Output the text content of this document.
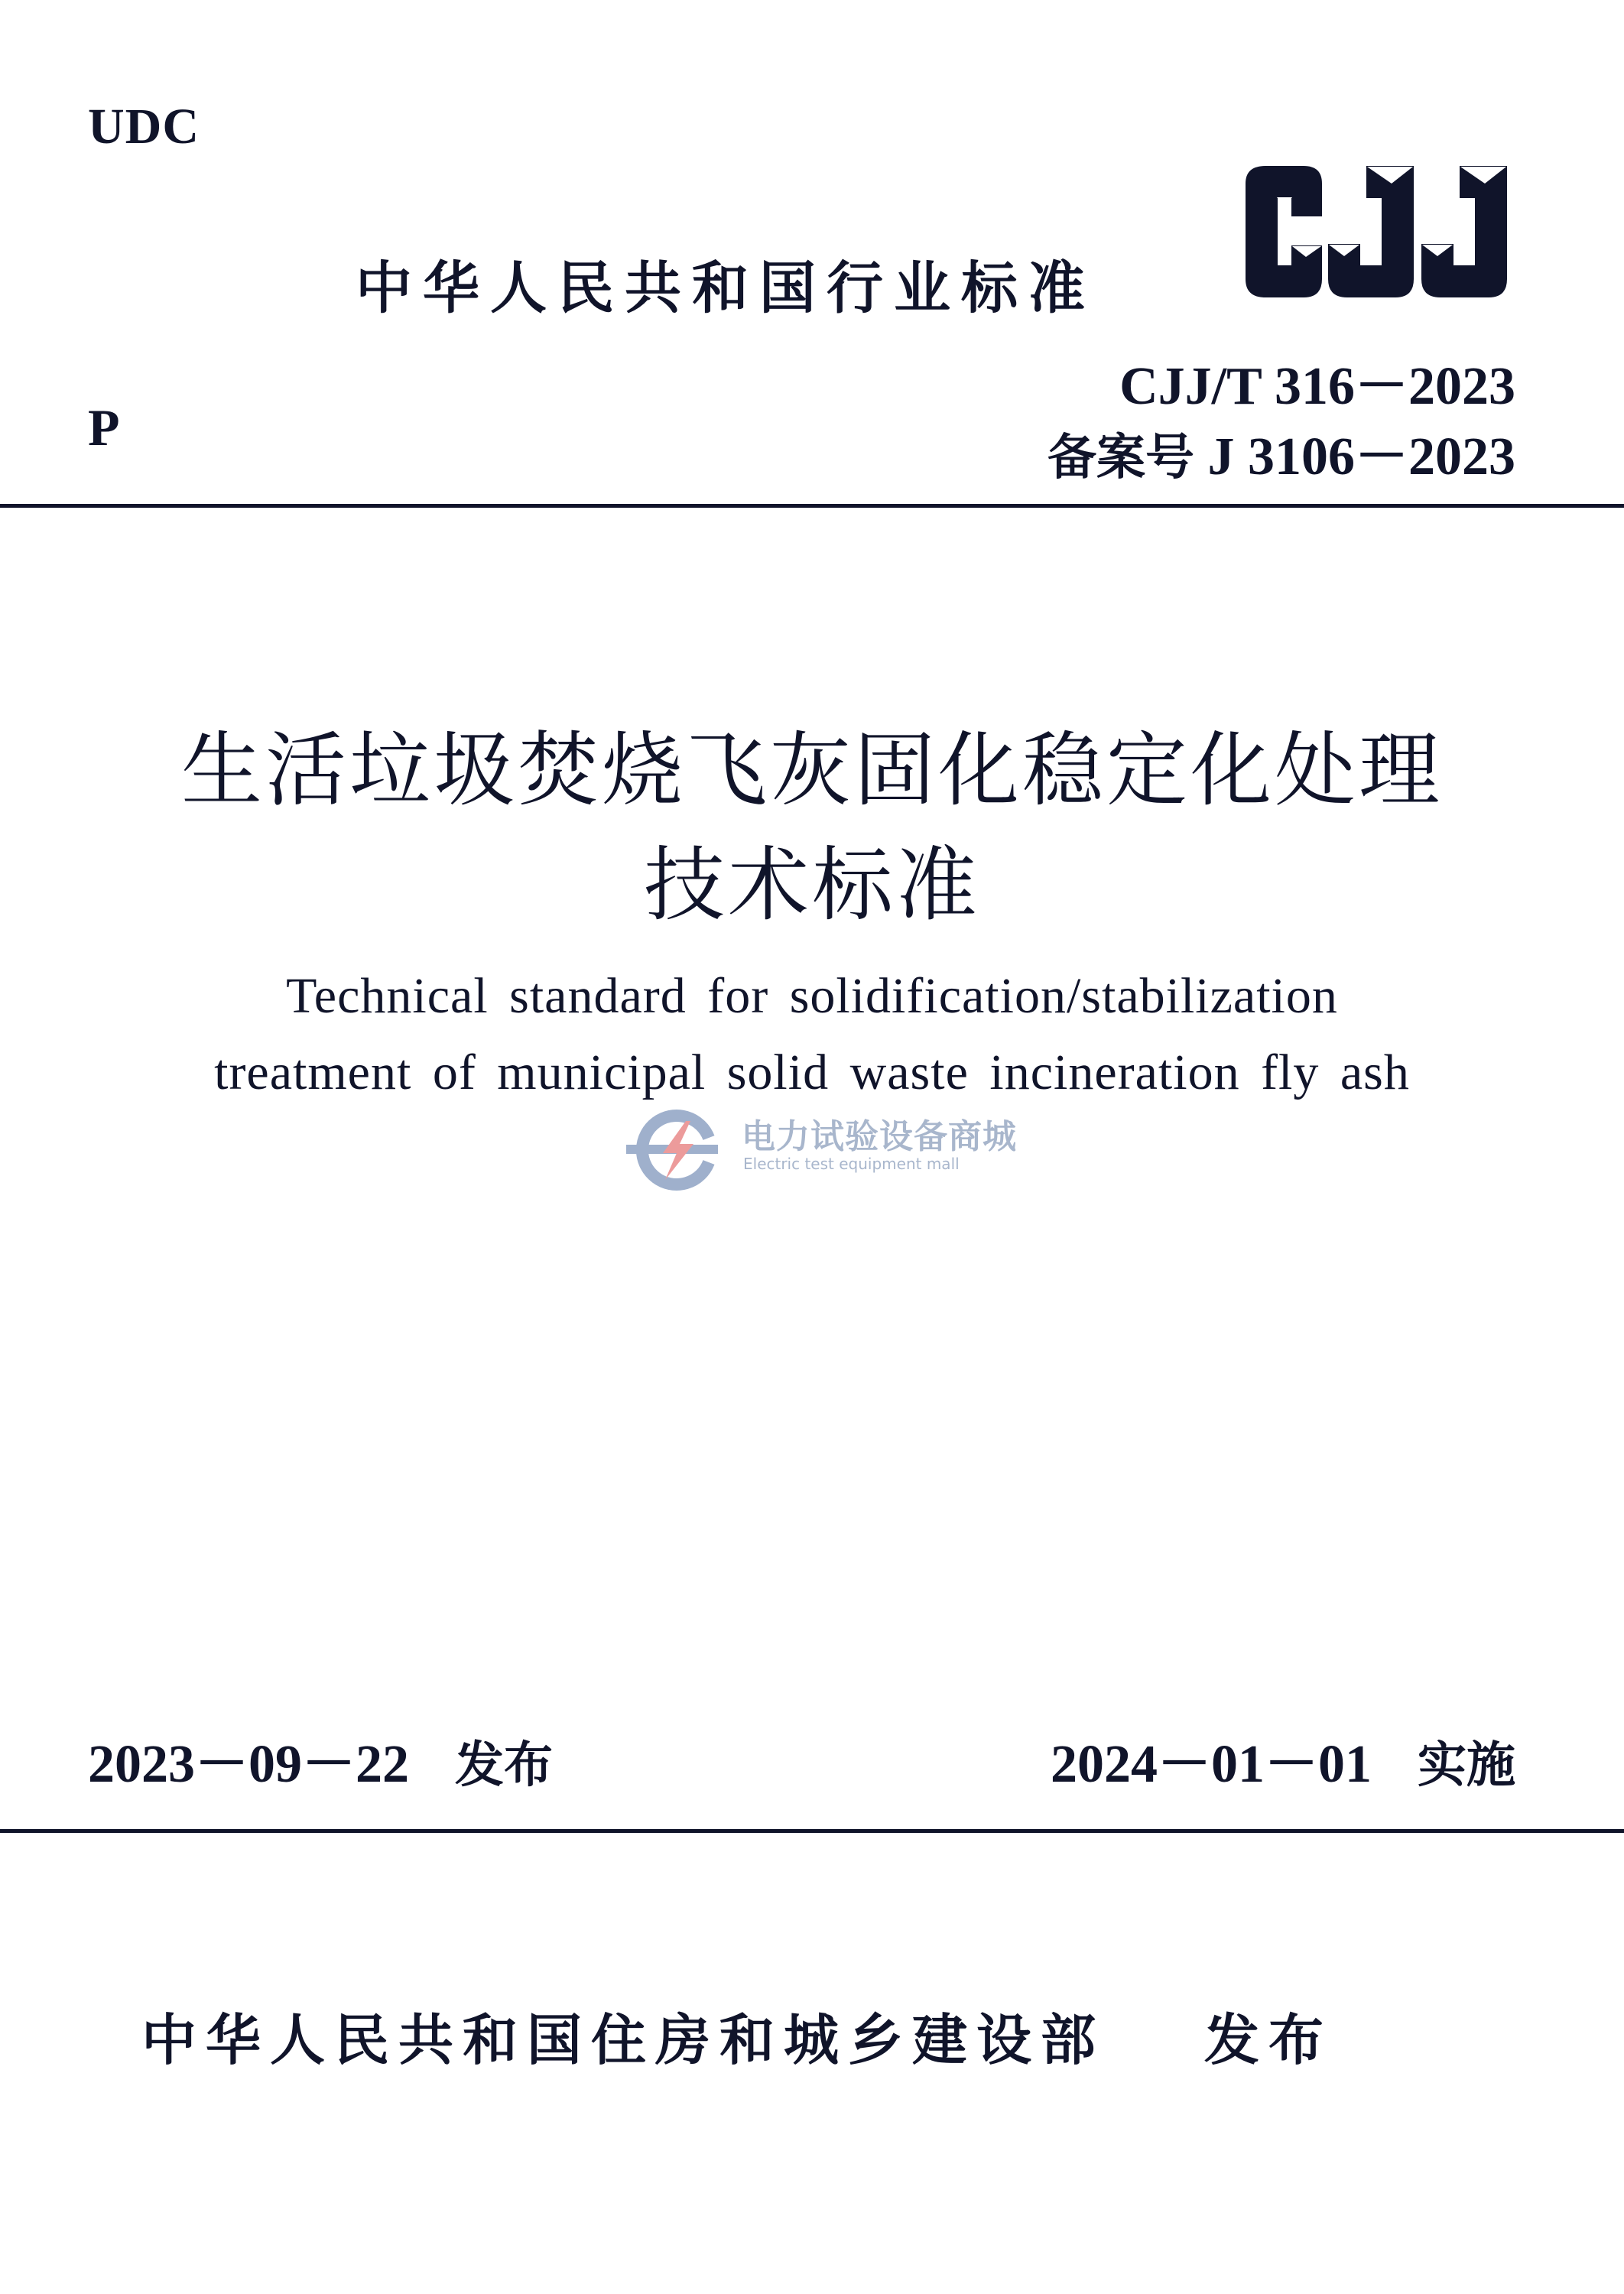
UDC
中华人民共和国行业标准
P
CJJ/T 316－2023
备案号 J 3106－2023
生活垃圾焚烧飞灰固化稳定化处理
技术标准
Technical standard for solidification/stabilization
treatment of municipal solid waste incineration fly ash
电力试验设备商城
Electric test equipment mall
2023－09－22 发布	2024－01－01 实施
中华人民共和国住房和城乡建设部 发布
